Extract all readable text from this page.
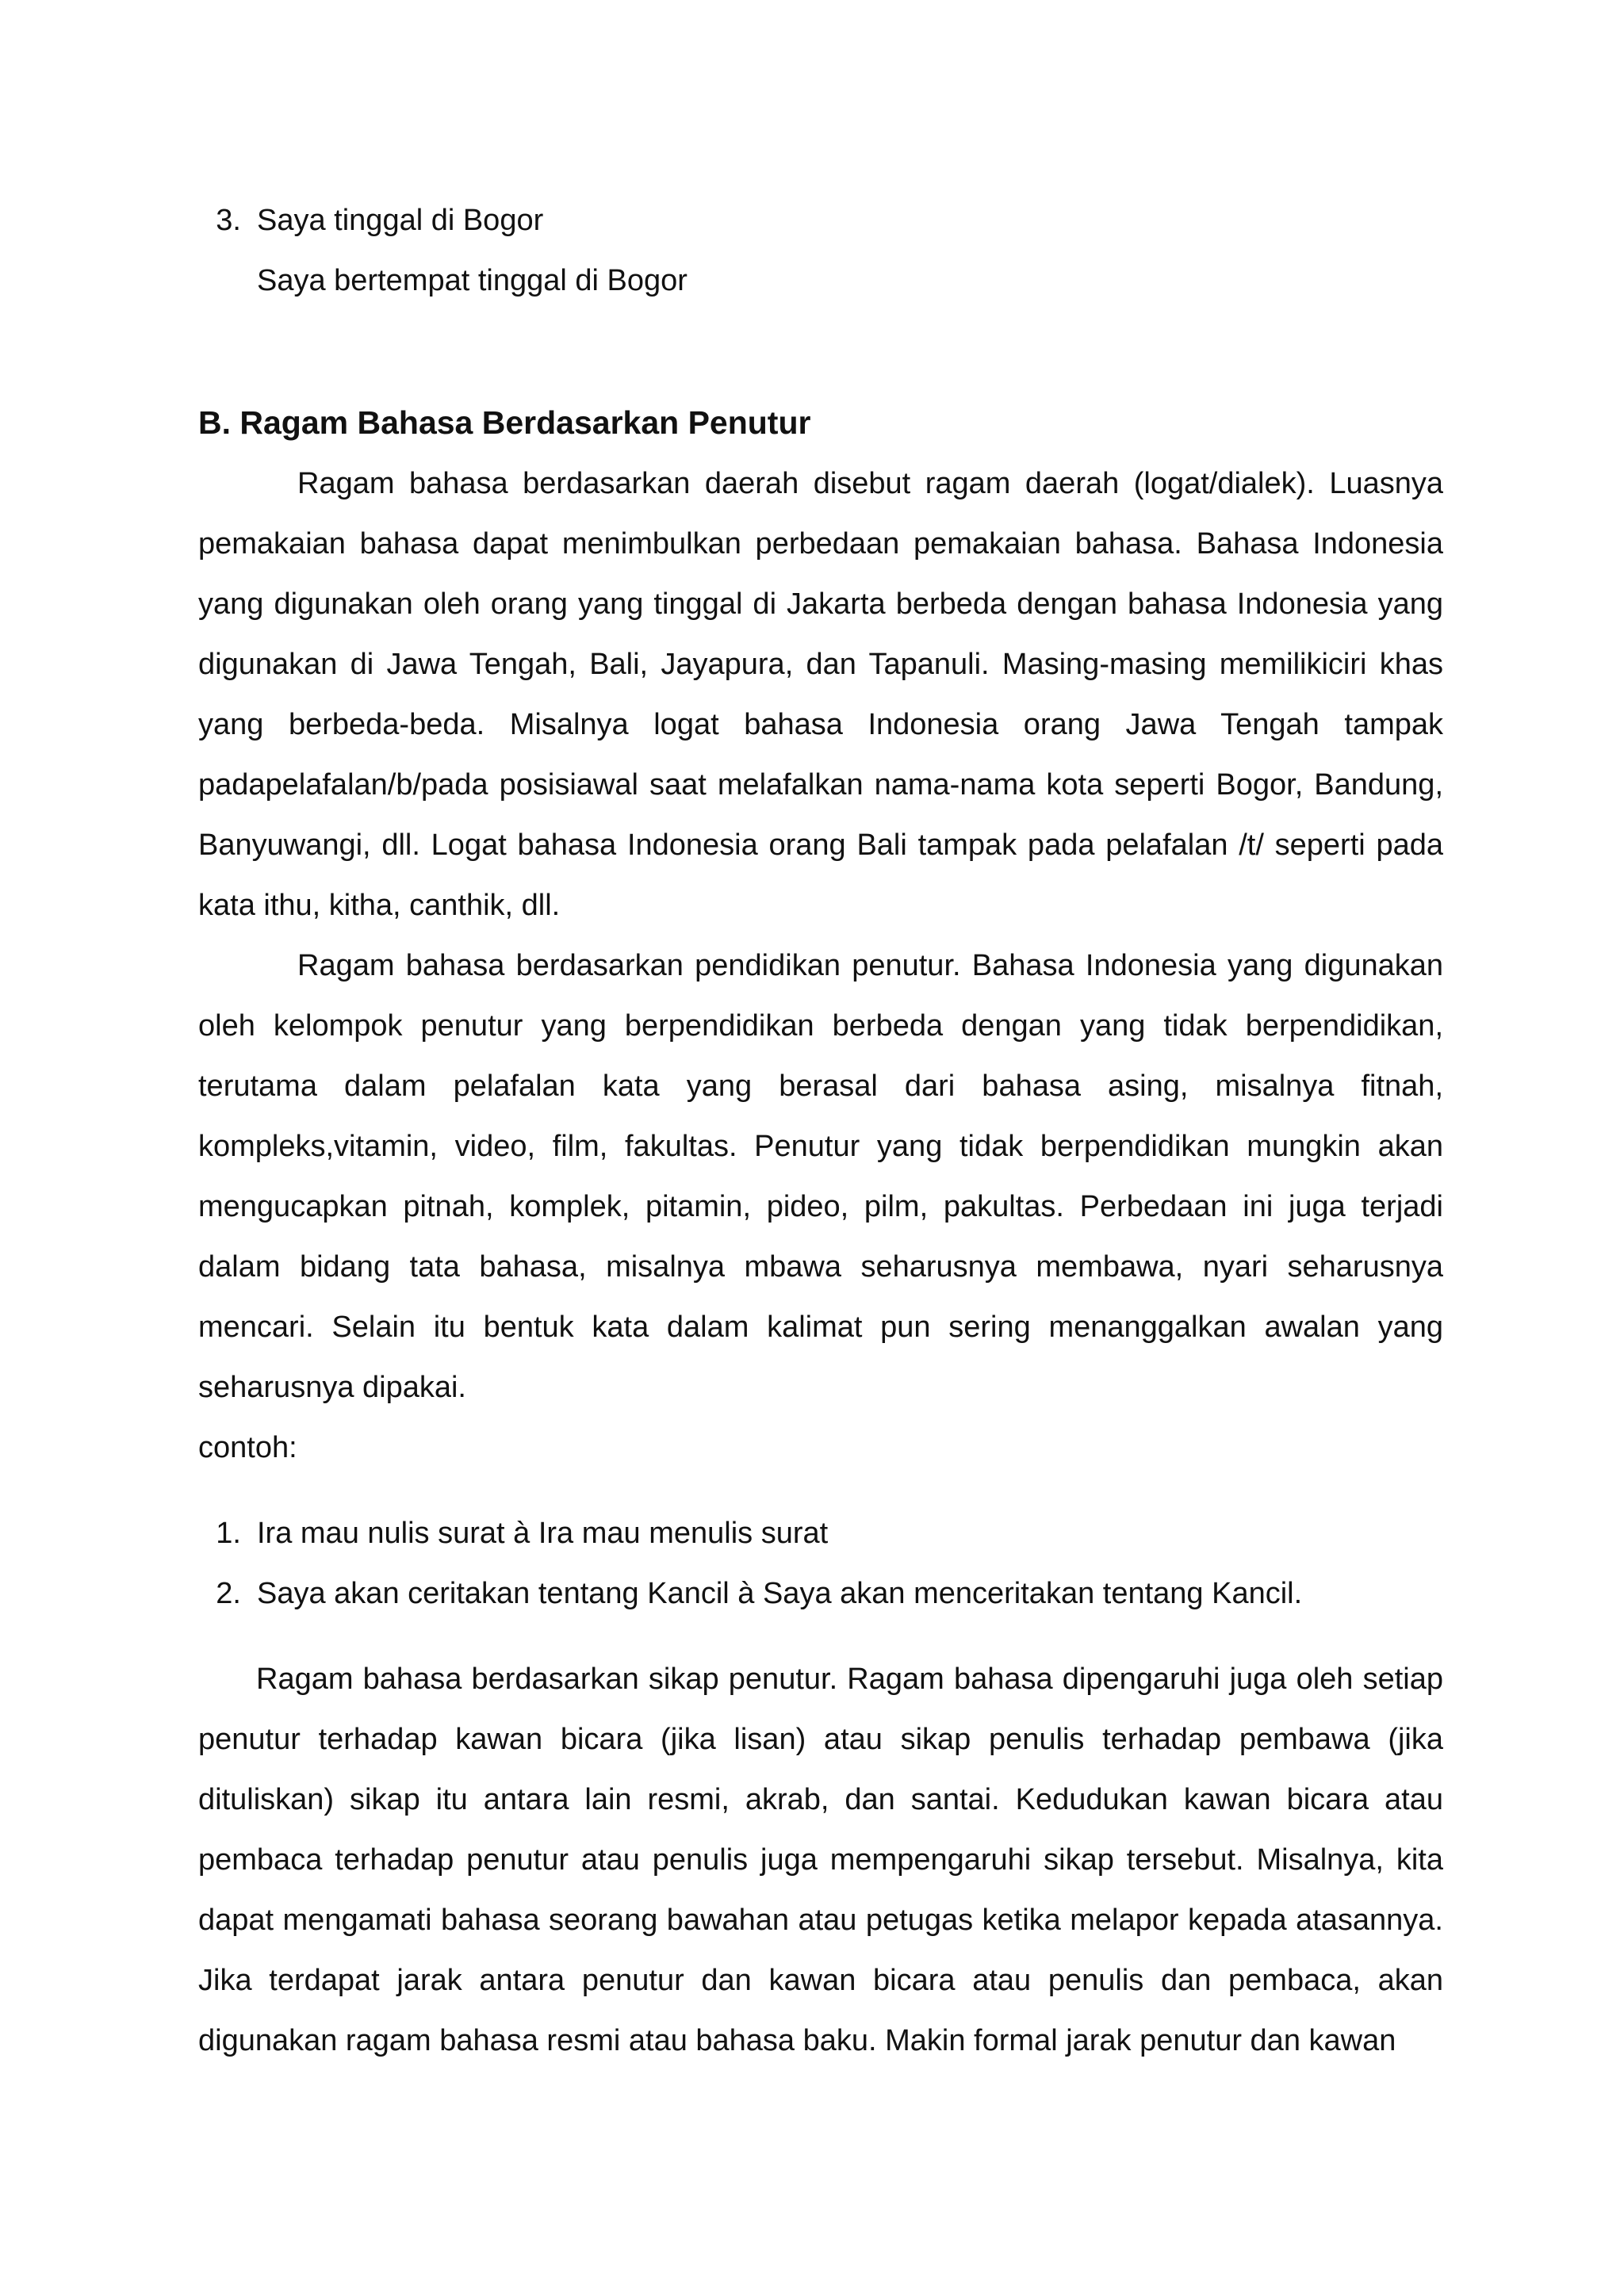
3. Saya tinggal di Bogor
Saya bertempat tinggal di Bogor
B. Ragam Bahasa Berdasarkan Penutur

Ragam bahasa berdasarkan daerah disebut ragam daerah (logat/dialek). Luasnya pemakaian bahasa dapat menimbulkan perbedaan pemakaian bahasa. Bahasa Indonesia yang digunakan oleh orang yang tinggal di Jakarta berbeda dengan bahasa Indonesia yang digunakan di Jawa Tengah, Bali, Jayapura, dan Tapanuli. Masing-masing memilikiciri khas yang berbeda-beda. Misalnya logat bahasa Indonesia orang Jawa Tengah tampak padapelafalan/b/pada posisiawal saat melafalkan nama-nama kota seperti Bogor, Bandung, Banyuwangi, dll. Logat bahasa Indonesia orang Bali tampak pada pelafalan /t/ seperti pada kata ithu, kitha, canthik, dll.

Ragam bahasa berdasarkan pendidikan penutur. Bahasa Indonesia yang digunakan oleh kelompok penutur yang berpendidikan berbeda dengan yang tidak berpendidikan, terutama dalam pelafalan kata yang berasal dari bahasa asing, misalnya fitnah, kompleks,vitamin, video, film, fakultas. Penutur yang tidak berpendidikan mungkin akan mengucapkan pitnah, komplek, pitamin, pideo, pilm, pakultas. Perbedaan ini juga terjadi dalam bidang tata bahasa, misalnya mbawa seharusnya membawa, nyari seharusnya mencari. Selain itu bentuk kata dalam kalimat pun sering menanggalkan awalan yang seharusnya dipakai.

contoh:

1. Ira mau nulis surat à Ira mau menulis surat
2. Saya akan ceritakan tentang Kancil à Saya akan menceritakan tentang Kancil.

Ragam bahasa berdasarkan sikap penutur. Ragam bahasa dipengaruhi juga oleh setiap penutur terhadap kawan bicara (jika lisan) atau sikap penulis terhadap pembawa (jika dituliskan) sikap itu antara lain resmi, akrab, dan santai. Kedudukan kawan bicara atau pembaca terhadap penutur atau penulis juga mempengaruhi sikap tersebut. Misalnya, kita dapat mengamati bahasa seorang bawahan atau petugas ketika melapor kepada atasannya. Jika terdapat jarak antara penutur dan kawan bicara atau penulis dan pembaca, akan digunakan ragam bahasa resmi atau bahasa baku. Makin formal jarak penutur dan kawan
